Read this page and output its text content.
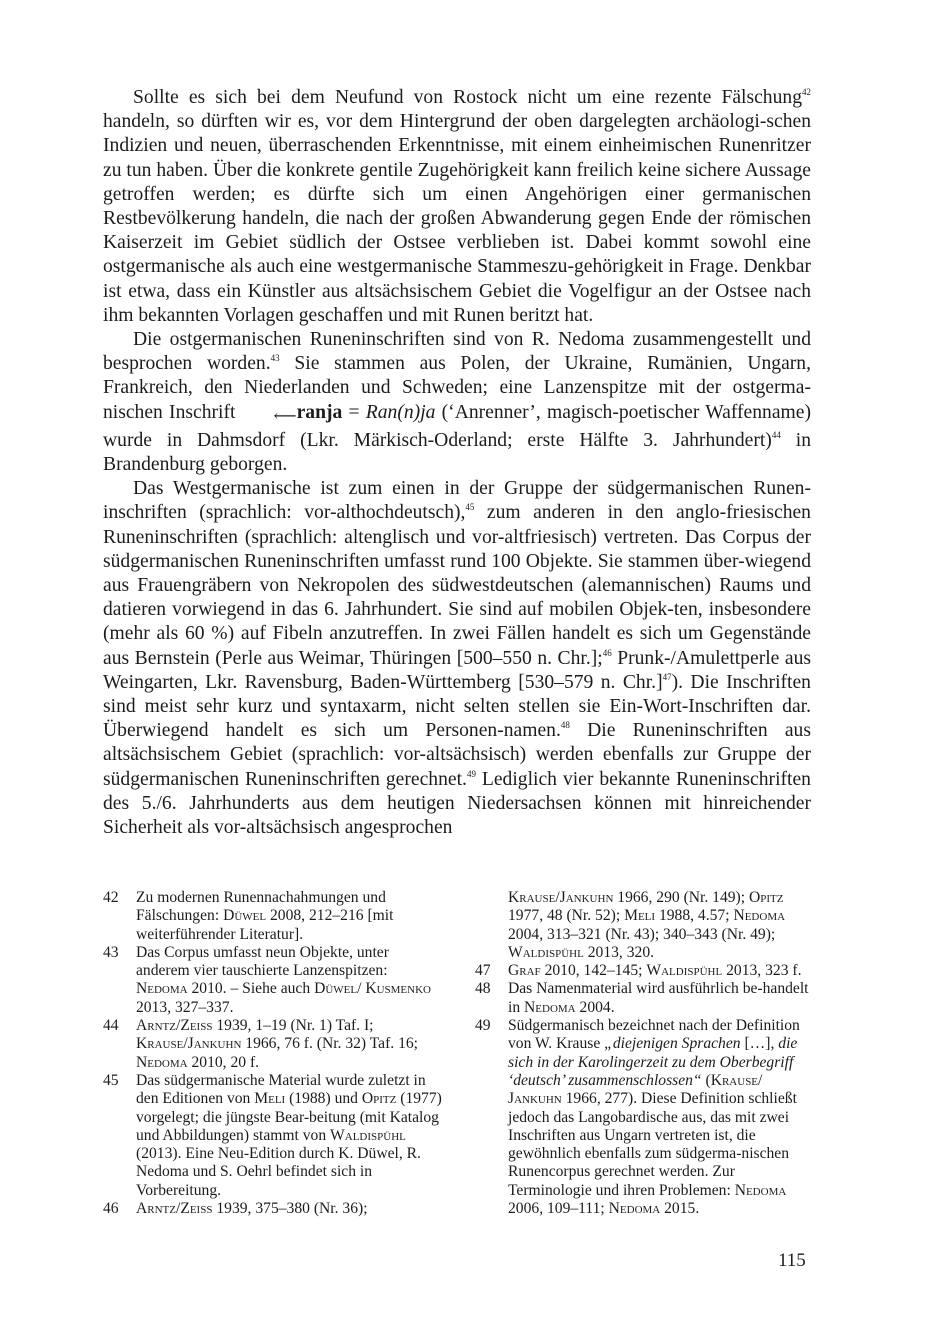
Sollte es sich bei dem Neufund von Rostock nicht um eine rezente Fälschung$^{42}$ handeln, so dürften wir es, vor dem Hintergrund der oben dargelegten archäologi-schen Indizien und neuen, überraschenden Erkenntnisse, mit einem einheimischen Runenritzer zu tun haben. Über die konkrete gentile Zugehörigkeit kann freilich keine sichere Aussage getroffen werden; es dürfte sich um einen Angehörigen einer germanischen Restbevölkerung handeln, die nach der großen Abwanderung gegen Ende der römischen Kaiserzeit im Gebiet südlich der Ostsee verblieben ist. Dabei kommt sowohl eine ostgermanische als auch eine westgermanische Stammeszu-gehörigkeit in Frage. Denkbar ist etwa, dass ein Künstler aus altsächsischem Gebiet die Vogelfigur an der Ostsee nach ihm bekannten Vorlagen geschaffen und mit Runen beritzt hat.

Die ostgermanischen Runeninschriften sind von R. Nedoma zusammengestellt und besprochen worden.$^{43}$ Sie stammen aus Polen, der Ukraine, Rumänien, Ungarn, Frankreich, den Niederlanden und Schweden; eine Lanzenspitze mit der ostgerma-nischen Inschrift ⟵ranja = Ran(n)ja (‘Anrenner’, magisch-poetischer Waffenname) wurde in Dahmsdorf (Lkr. Märkisch-Oderland; erste Hälfte 3. Jahrhundert)$^{44}$ in Brandenburg geborgen.

Das Westgermanische ist zum einen in der Gruppe der südgermanischen Runen-inschriften (sprachlich: vor-althochdeutsch),$^{45}$ zum anderen in den anglo-friesischen Runeninschriften (sprachlich: altenglisch und vor-altfriesisch) vertreten. Das Corpus der südgermanischen Runeninschriften umfasst rund 100 Objekte. Sie stammen über-wiegend aus Frauengräbern von Nekropolen des südwestdeutschen (alemannischen) Raums und datieren vorwiegend in das 6. Jahrhundert. Sie sind auf mobilen Objek-ten, insbesondere (mehr als 60 %) auf Fibeln anzutreffen. In zwei Fällen handelt es sich um Gegenstände aus Bernstein (Perle aus Weimar, Thüringen [500–550 n. Chr.];$^{46}$ Prunk-/Amulettperle aus Weingarten, Lkr. Ravensburg, Baden-Württemberg [530–579 n. Chr.]$^{47}$). Die Inschriften sind meist sehr kurz und syntaxarm, nicht selten stellen sie Ein-Wort-Inschriften dar. Überwiegend handelt es sich um Personen-namen.$^{48}$ Die Runeninschriften aus altsächsischem Gebiet (sprachlich: vor-altsächsisch) werden ebenfalls zur Gruppe der südgermanischen Runeninschriften gerechnet.$^{49}$ Lediglich vier bekannte Runeninschriften des 5./6. Jahrhunderts aus dem heutigen Niedersachsen können mit hinreichender Sicherheit als vor-altsächsisch angesprochen

42	Zu modernen Runennachahmungen und Fälschungen: Düwel 2008, 212–216 [mit weiterführender Literatur].
43	Das Corpus umfasst neun Objekte, unter anderem vier tauschierte Lanzenspitzen: Nedoma 2010. – Siehe auch Düwel/ Kusmenko 2013, 327–337.
44	Arntz/Zeiss 1939, 1–19 (Nr. 1) Taf. I; Krause/Jankuhn 1966, 76 f. (Nr. 32) Taf. 16; Nedoma 2010, 20 f.
45	Das südgermanische Material wurde zuletzt in den Editionen von Meli (1988) und Opitz (1977) vorgelegt; die jüngste Bear-beitung (mit Katalog und Abbildungen) stammt von Waldispühl (2013). Eine Neu-Edition durch K. Düwel, R. Nedoma und S. Oehrl befindet sich in Vorbereitung.
46	Arntz/Zeiss 1939, 375–380 (Nr. 36);
Krause/Jankuhn 1966, 290 (Nr. 149); Opitz 1977, 48 (Nr. 52); Meli 1988, 4.57; Nedoma 2004, 313–321 (Nr. 43); 340–343 (Nr. 49); Waldispühl 2013, 320.
47	Graf 2010, 142–145; Waldispühl 2013, 323 f.
48	Das Namenmaterial wird ausführlich be-handelt in Nedoma 2004.
49	Südgermanisch bezeichnet nach der Definition von W. Krause „diejenigen Sprachen […], die sich in der Karolingerzeit zu dem Oberbegriff ‘deutsch’ zusammenschlossen“ (Krause/ Jankuhn 1966, 277). Diese Definition schließt jedoch das Langobardische aus, das mit zwei Inschriften aus Ungarn vertreten ist, die gewöhnlich ebenfalls zum südgerma-nischen Runencorpus gerechnet werden. Zur Terminologie und ihren Problemen: Nedoma 2006, 109–111; Nedoma 2015.
115
